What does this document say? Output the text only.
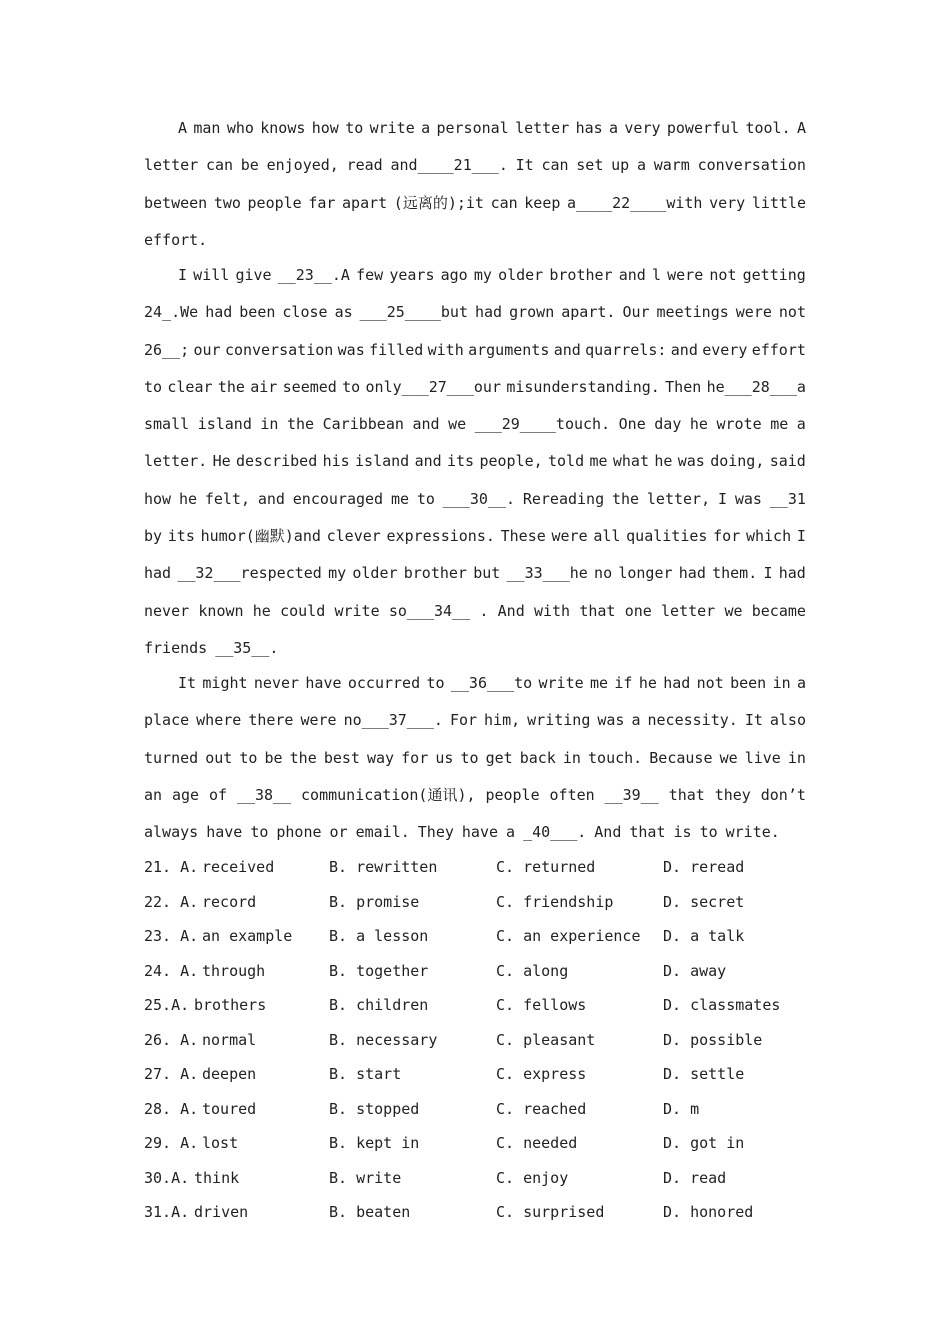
A man who knows how to write a personal letter has a very powerful tool. A
letter can be enjoyed, read and____21___. It can set up a warm conversation
between two people far apart (远离的);it can keep a____22____with very little
effort.
I will give __23__.A few years ago my older brother and l were not getting
24_.We had been close as ___25____but had grown apart. Our meetings were not
26__; our conversation was filled with arguments and quarrels: and every effort
to clear the air seemed to only___27___our misunderstanding. Then he___28___a
small island in the Caribbean and we ___29____touch. One day he wrote me a
letter. He described his island and its people, told me what he was doing, said
how he felt, and encouraged me to ___30__. Rereading the letter, I was __31
by its humor(幽默)and clever expressions. These were all qualities for which I
had __32___respected my older brother but __33___he no longer had them. I had
never known he could write so___34__ . And with that one letter we became
friends __35__.
It might never have occurred to __36___to write me if he had not been in a
place where there were no___37___. For him, writing was a necessity. It also
turned out to be the best way for us to get back in touch. Because we live in
an age of __38__ communication(通讯), people often __39__ that they don’t
always have to phone or email. They have a _40___. And that is to write.
21. A. received	B. rewritten	C. returned	D. reread
22. A. record	B. promise	C. friendship	D. secret
23. A. an example B. a lesson	C. an experience D. a talk
24. A. through	B. together	C. along	D. away
25.A. brothers	B. children	C. fellows	D. classmates
26. A. normal	B. necessary	C. pleasant	D. possible
27. A. deepen	B. start	C. express	D. settle
28. A. toured	B. stopped	C. reached	D. m
29. A. lost	B. kept in	C. needed	D. got in
30.A. think	B. write	C. enjoy	D. read
31.A. driven	B. beaten	C. surprised	D. honored
